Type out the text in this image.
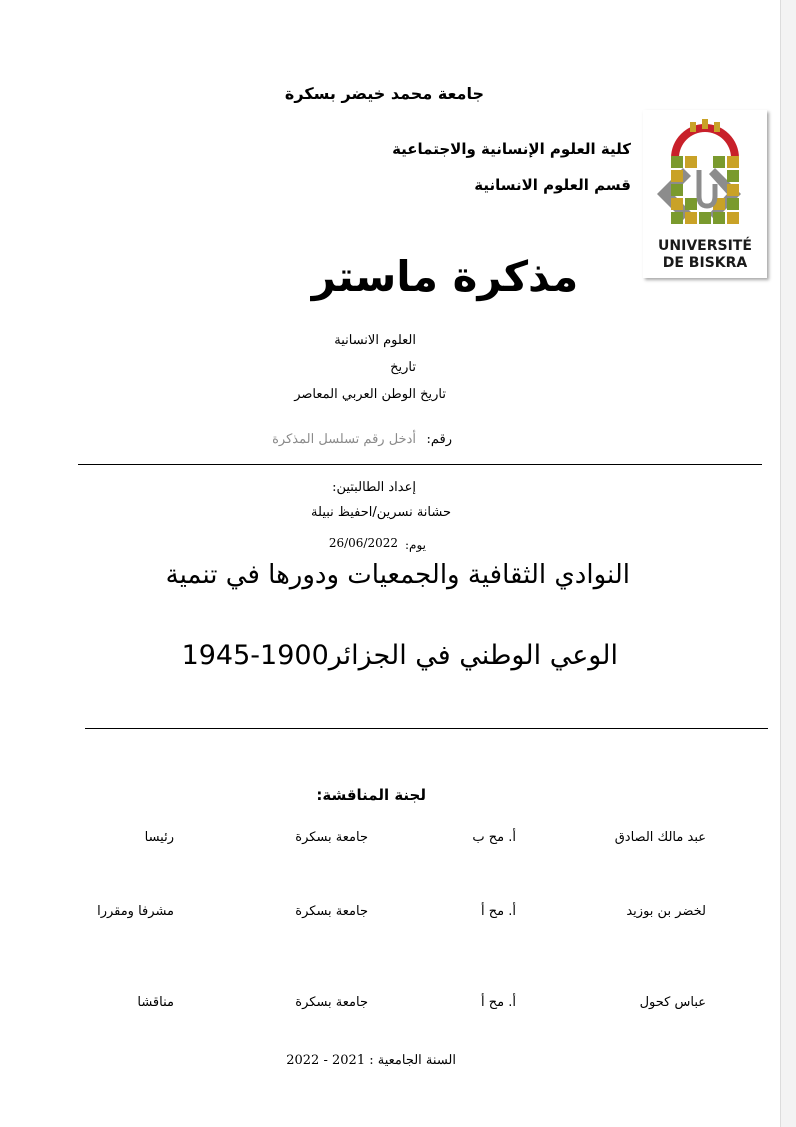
جامعة محمد خيضر بسكرة
كلية العلوم الإنسانية والاجتماعية
قسم العلوم الانسانية
UNIVERSITÉ
DE BISKRA
مذكرة ماستر
العلوم الانسانية
تاريخ
تاريخ الوطن العربي المعاصر
رقم:
أدخل رقم تسلسل المذكرة
إعداد الطالبتين:
حشانة نسرين/احفيظ نبيلة
يوم:
26/06/2022
النوادي الثقافية والجمعيات ودورها في تنمية
الوعي الوطني في الجزائر1900-1945
لجنة المناقشة:
عبد مالك الصادق
أ. مح ب
جامعة بسكرة
رئيسا
لخضر بن بوزيد
أ. مح أ
جامعة بسكرة
مشرفا ومقررا
عباس كحول
أ. مح أ
جامعة بسكرة
مناقشا
السنة الجامعية : 2021 - 2022
